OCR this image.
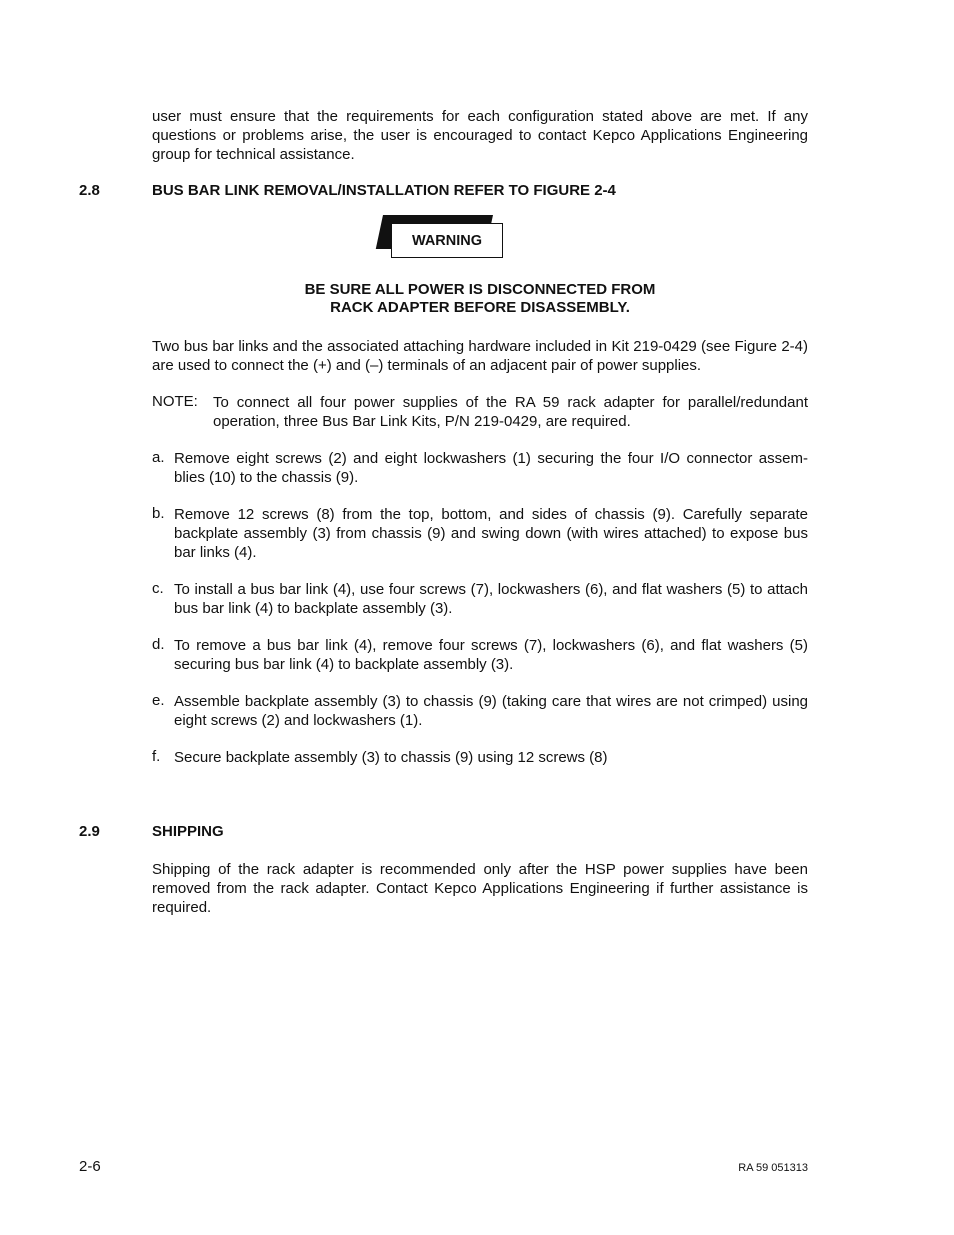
user must ensure that the requirements for each configuration stated above are met. If any questions or problems arise, the user is encouraged to contact Kepco Applications Engineering group for technical assistance.
2.8	BUS BAR LINK REMOVAL/INSTALLATION REFER TO FIGURE 2-4
WARNING
BE SURE ALL POWER IS DISCONNECTED FROM
RACK ADAPTER BEFORE DISASSEMBLY.
Two bus bar links and the associated attaching hardware included in Kit 219-0429 (see Figure 2-4) are used to connect the (+) and (–) terminals of an adjacent pair of power supplies.
NOTE: To connect all four power supplies of the RA 59 rack adapter for parallel/redundant operation, three Bus Bar Link Kits, P/N 219-0429, are required.
a. Remove eight screws (2) and eight lockwashers (1) securing the four I/O connector assem-blies (10) to the chassis (9).
b. Remove 12 screws (8) from the top, bottom, and sides of chassis (9). Carefully separate backplate assembly (3) from chassis (9) and swing down (with wires attached) to expose bus bar links (4).
c. To install a bus bar link (4), use four screws (7), lockwashers (6), and flat washers (5) to attach bus bar link (4) to backplate assembly (3).
d. To remove a bus bar link (4), remove four screws (7), lockwashers (6), and flat washers (5) securing bus bar link (4) to backplate assembly (3).
e. Assemble backplate assembly (3) to chassis (9) (taking care that wires are not crimped) using eight screws (2) and lockwashers (1).
f. Secure backplate assembly (3) to chassis (9) using 12 screws (8)
2.9	SHIPPING
Shipping of the rack adapter is recommended only after the HSP power supplies have been removed from the rack adapter. Contact Kepco Applications Engineering if further assistance is required.
2-6	RA 59 051313
